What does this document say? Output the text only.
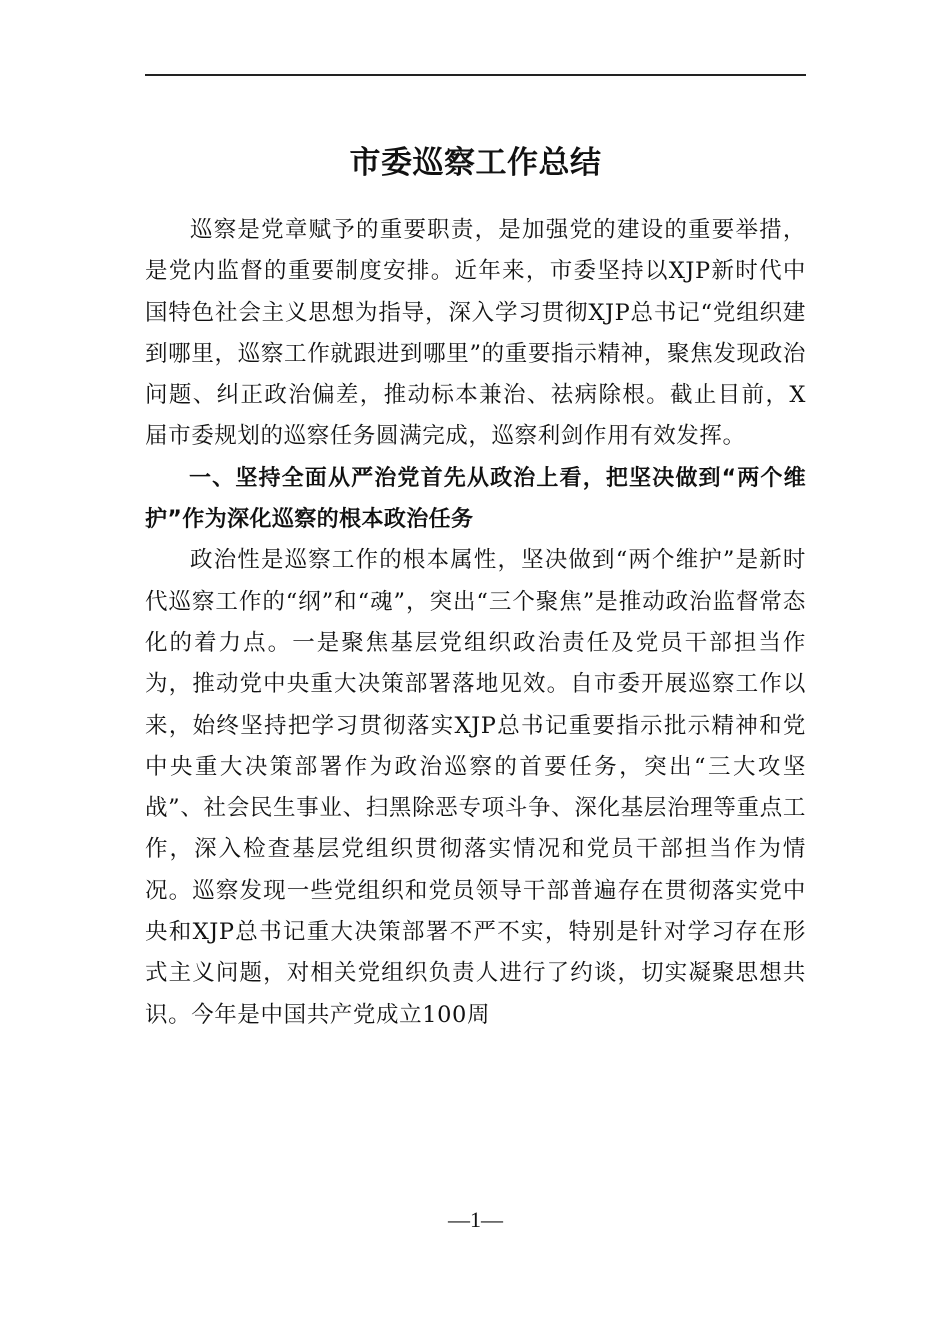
市委巡察工作总结

巡察是党章赋予的重要职责，是加强党的建设的重要举措，是党内监督的重要制度安排。近年来，市委坚持以XJP新时代中国特色社会主义思想为指导，深入学习贯彻XJP总书记“党组织建到哪里，巡察工作就跟进到哪里”的重要指示精神，聚焦发现政治问题、纠正政治偏差，推动标本兼治、祛病除根。截止目前，X届市委规划的巡察任务圆满完成，巡察利剑作用有效发挥。

一、坚持全面从严治党首先从政治上看，把坚决做到“两个维护”作为深化巡察的根本政治任务

政治性是巡察工作的根本属性，坚决做到“两个维护”是新时代巡察工作的“纲”和“魂”，突出“三个聚焦”是推动政治监督常态化的着力点。一是聚焦基层党组织政治责任及党员干部担当作为，推动党中央重大决策部署落地见效。自市委开展巡察工作以来，始终坚持把学习贯彻落实XJP总书记重要指示批示精神和党中央重大决策部署作为政治巡察的首要任务，突出“三大攻坚战”、社会民生事业、扫黑除恶专项斗争、深化基层治理等重点工作，深入检查基层党组织贯彻落实情况和党员干部担当作为情况。巡察发现一些党组织和党员领导干部普遍存在贯彻落实党中央和XJP总书记重大决策部署不严不实，特别是针对学习存在形式主义问题，对相关党组织负责人进行了约谈，切实凝聚思想共识。今年是中国共产党成立100周

—1—
